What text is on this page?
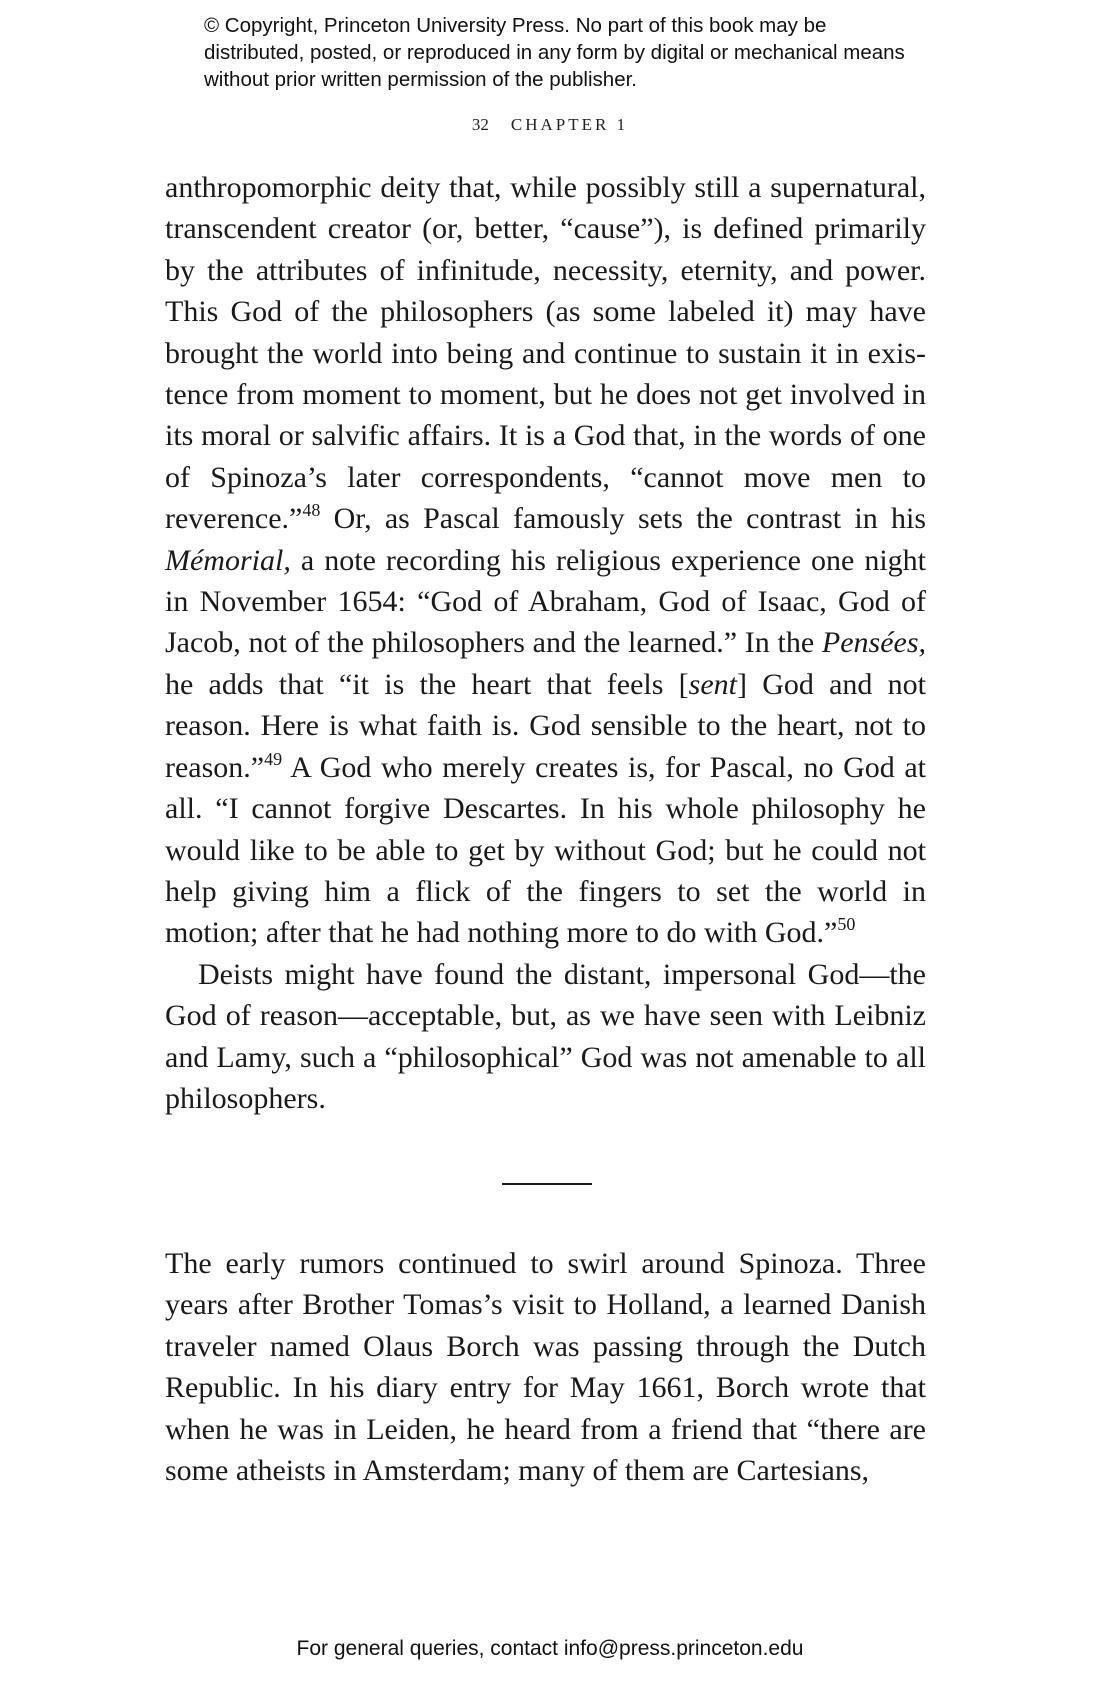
© Copyright, Princeton University Press. No part of this book may be distributed, posted, or reproduced in any form by digital or mechanical means without prior written permission of the publisher.
32 CHAPTER 1

anthropomorphic deity that, while possibly still a supernatural, transcendent creator (or, better, “cause”), is defined primarily by the attributes of infinitude, necessity, eternity, and power. This God of the philosophers (as some labeled it) may have brought the world into being and continue to sustain it in existence from moment to moment, but he does not get involved in its moral or salvific affairs. It is a God that, in the words of one of Spinoza’s later correspondents, “cannot move men to reverence.”$^{48}$ Or, as Pascal famously sets the contrast in his Mémorial, a note recording his religious experience one night in November 1654: “God of Abraham, God of Isaac, God of Jacob, not of the philosophers and the learned.” In the Pensées, he adds that “it is the heart that feels [sent] God and not reason. Here is what faith is. God sensible to the heart, not to reason.”$^{49}$ A God who merely creates is, for Pascal, no God at all. “I cannot forgive Descartes. In his whole philosophy he would like to be able to get by without God; but he could not help giving him a flick of the fingers to set the world in motion; after that he had nothing more to do with God.”$^{50}$

Deists might have found the distant, impersonal God—the God of reason—acceptable, but, as we have seen with Leibniz and Lamy, such a “philosophical” God was not amenable to all philosophers.

The early rumors continued to swirl around Spinoza. Three years after Brother Tomas’s visit to Holland, a learned Danish traveler named Olaus Borch was passing through the Dutch Republic. In his diary entry for May 1661, Borch wrote that when he was in Leiden, he heard from a friend that “there are some atheists in Amsterdam; many of them are Cartesians,

For general queries, contact info@press.princeton.edu
